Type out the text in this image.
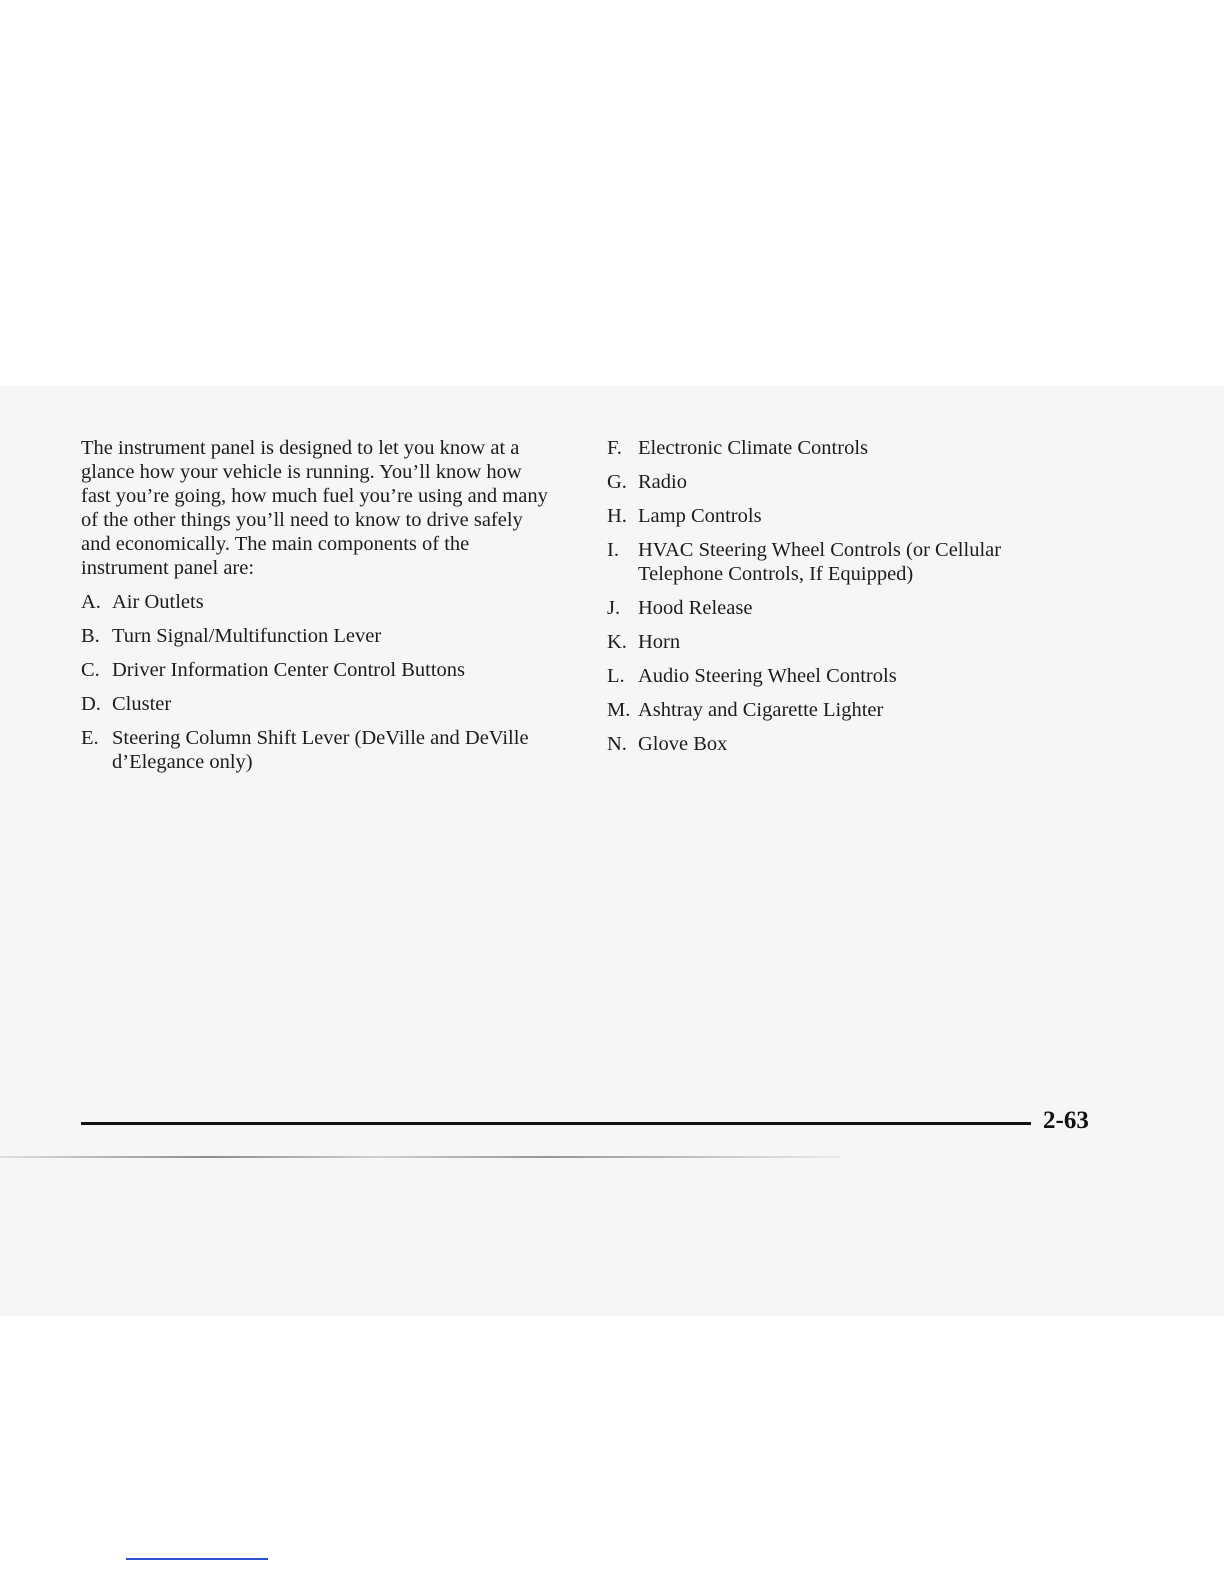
The instrument panel is designed to let you know at a glance how your vehicle is running. You’ll know how fast you’re going, how much fuel you’re using and many of the other things you’ll need to know to drive safely and economically. The main components of the instrument panel are:

A. Air Outlets
B. Turn Signal/Multifunction Lever
C. Driver Information Center Control Buttons
D. Cluster
E. Steering Column Shift Lever (DeVille and DeVille d’Elegance only)
F. Electronic Climate Controls
G. Radio
H. Lamp Controls
I. HVAC Steering Wheel Controls (or Cellular Telephone Controls, If Equipped)
J. Hood Release
K. Horn
L. Audio Steering Wheel Controls
M. Ashtray and Cigarette Lighter
N. Glove Box
2-63
